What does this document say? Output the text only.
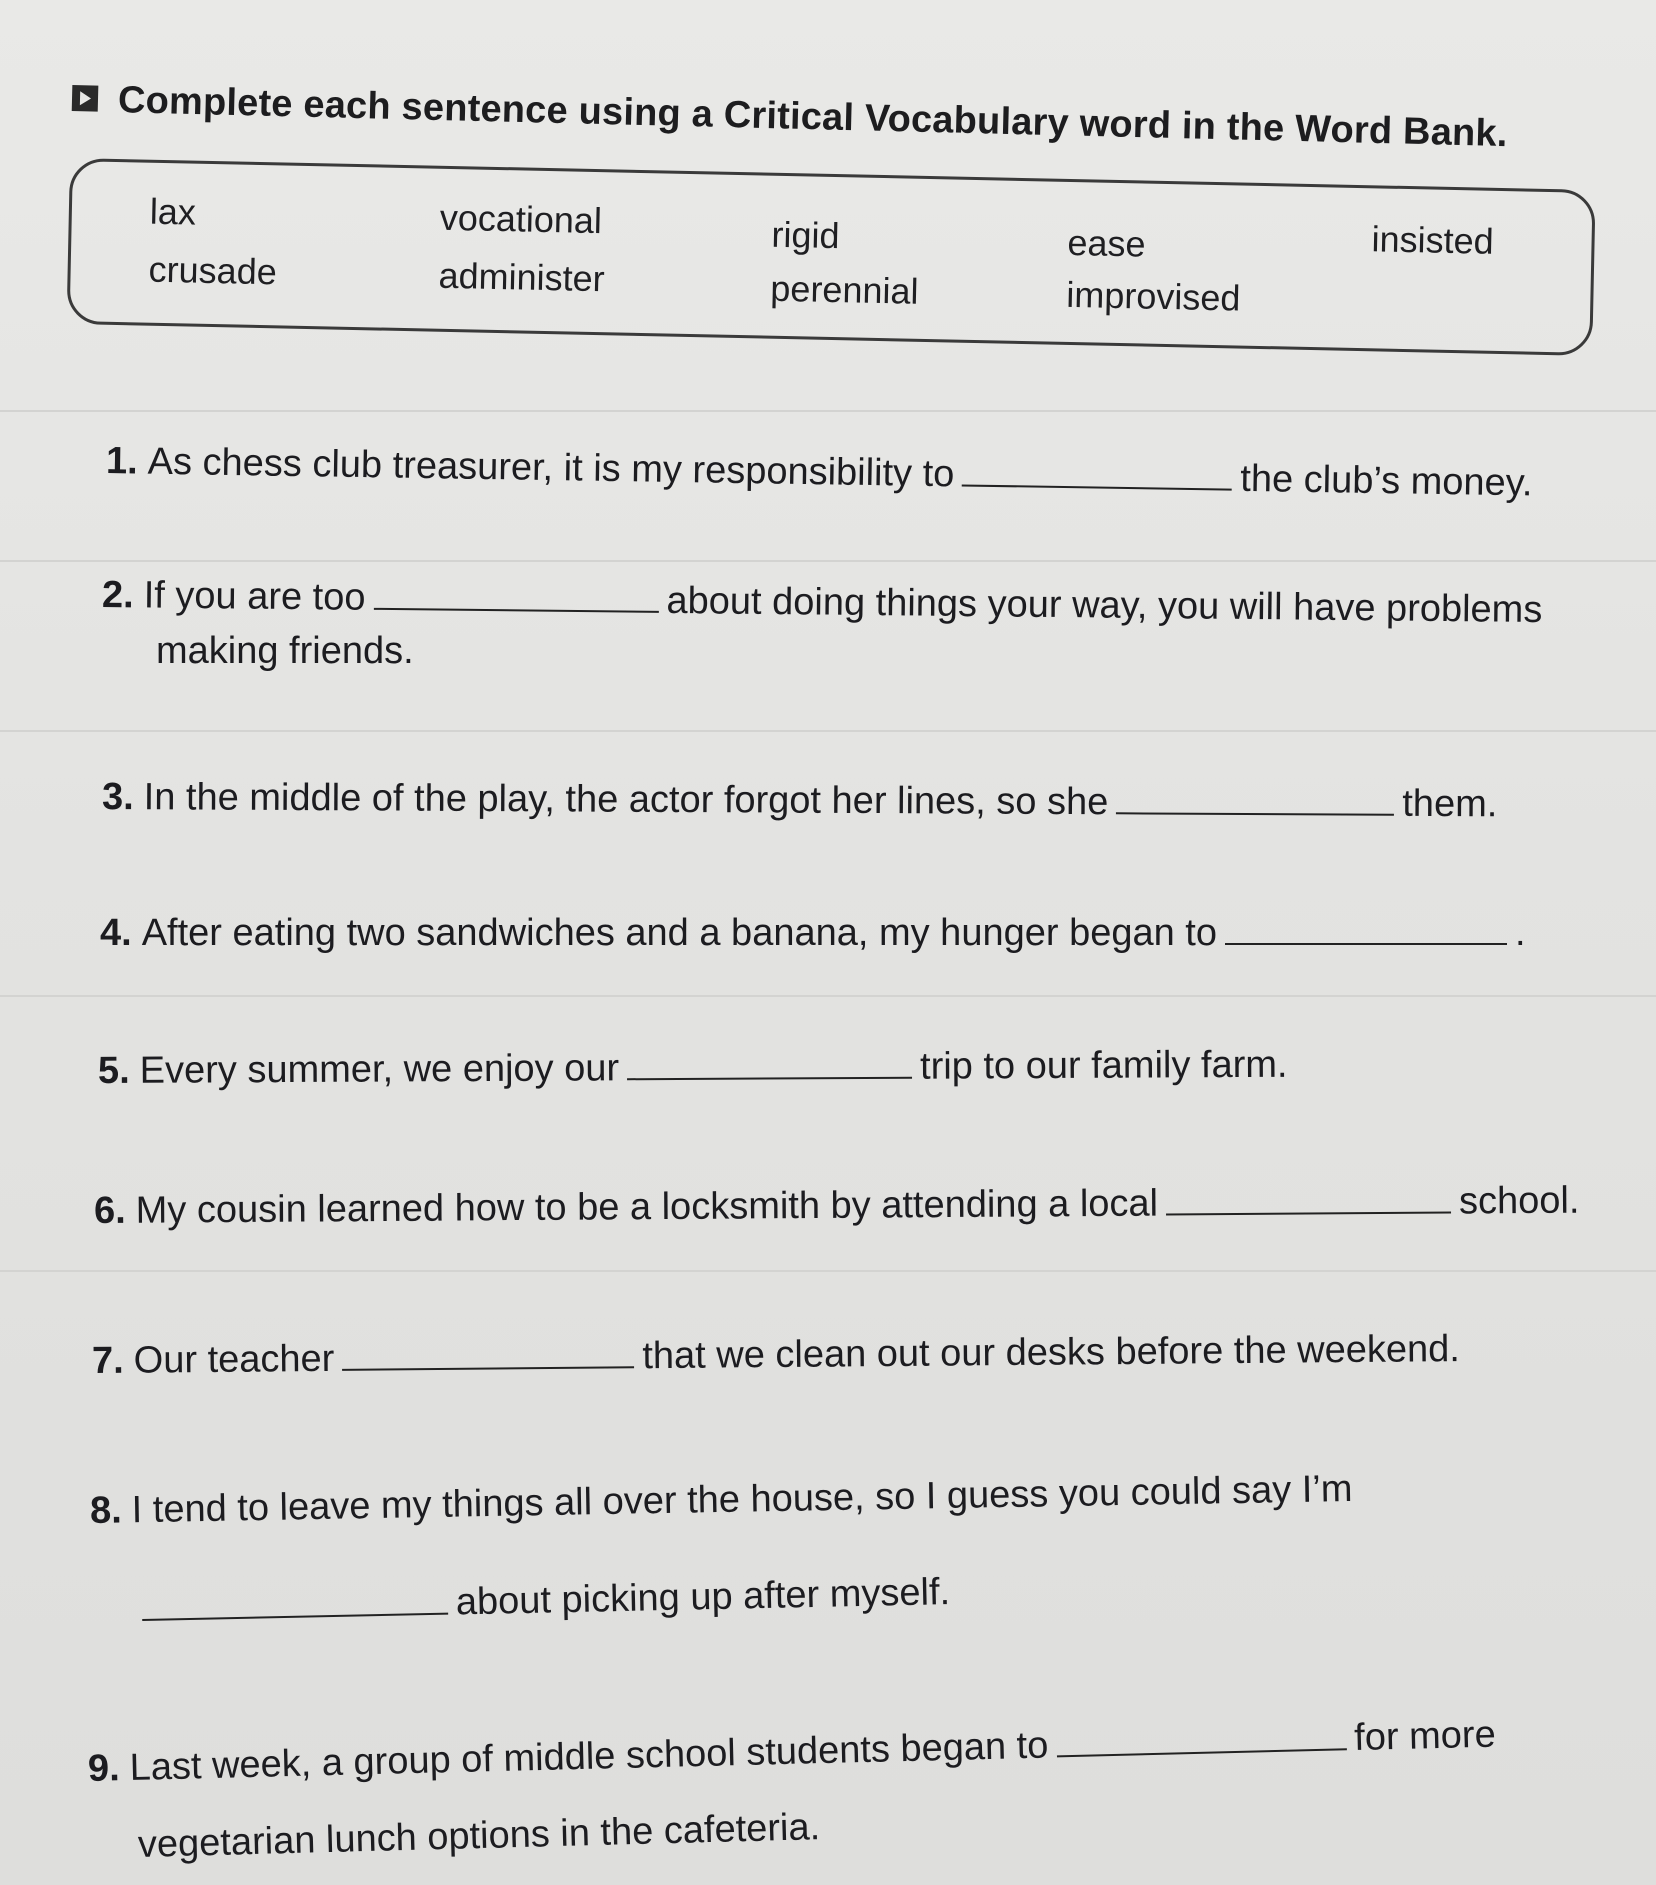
Complete each sentence using a Critical Vocabulary word in the Word Bank.
lax	vocational	rigid	ease	insisted
crusade	administer	perennial	improvised
1. As chess club treasurer, it is my responsibility to	the club’s money.
2. If you are too	about doing things your way, you will have problems
making friends.
3. In the middle of the play, the actor forgot her lines, so she	them.
4. After eating two sandwiches and a banana, my hunger began to	.
5. Every summer, we enjoy our	trip to our family farm.
6. My cousin learned how to be a locksmith by attending a local	school.
7. Our teacher	that we clean out our desks before the weekend.
8. I tend to leave my things all over the house, so I guess you could say I’m
about picking up after myself.
9. Last week, a group of middle school students began to	for more
vegetarian lunch options in the cafeteria.
